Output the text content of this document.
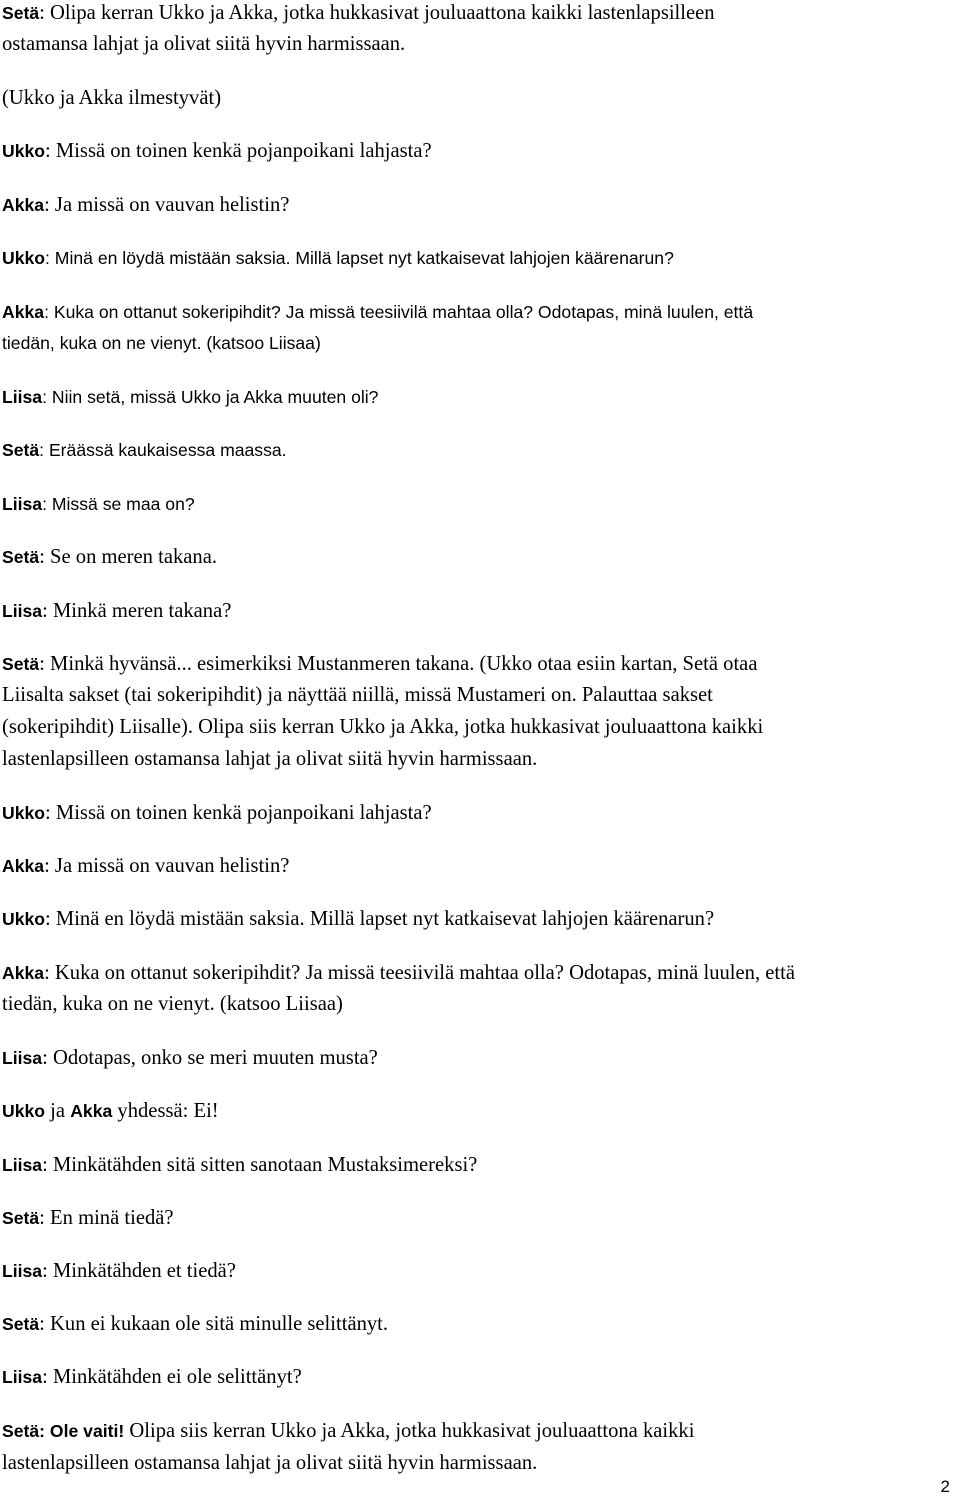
Setä: Olipa kerran Ukko ja Akka, jotka hukkasivat jouluaattona kaikki lastenlapsilleen
ostamansa lahjat ja olivat siitä hyvin harmissaan.
(Ukko ja Akka ilmestyvät)
Ukko: Missä on toinen kenkä pojanpoikani lahjasta?
Akka: Ja missä on vauvan helistin?
Ukko: Minä en löydä mistään saksia. Millä lapset nyt katkaisevat lahjojen käärenarun?
Akka: Kuka on ottanut sokeripihdit? Ja missä teesiivilä mahtaa olla? Odotapas, minä luulen, että
tiedän, kuka on ne vienyt. (katsoo Liisaa)
Liisa: Niin setä, missä Ukko ja Akka muuten oli?
Setä: Eräässä kaukaisessa maassa.
Liisa: Missä se maa on?
Setä: Se on meren takana.
Liisa: Minkä meren takana?
Setä: Minkä hyvänsä... esimerkiksi Mustanmeren takana. (Ukko otaa esiin kartan, Setä otaa
Liisalta sakset (tai sokeripihdit) ja näyttää niillä, missä Mustameri on. Palauttaa sakset
(sokeripihdit) Liisalle). Olipa siis kerran Ukko ja Akka, jotka hukkasivat jouluaattona kaikki
lastenlapsilleen ostamansa lahjat ja olivat siitä hyvin harmissaan.
Ukko: Missä on toinen kenkä pojanpoikani lahjasta?
Akka: Ja missä on vauvan helistin?
Ukko: Minä en löydä mistään saksia. Millä lapset nyt katkaisevat lahjojen käärenarun?
Akka: Kuka on ottanut sokeripihdit? Ja missä teesiivilä mahtaa olla? Odotapas, minä luulen, että
tiedän, kuka on ne vienyt. (katsoo Liisaa)
Liisa: Odotapas, onko se meri muuten musta?
Ukko ja Akka yhdessä: Ei!
Liisa: Minkätähden sitä sitten sanotaan Mustaksimereksi?
Setä: En minä tiedä?
Liisa: Minkätähden et tiedä?
Setä: Kun ei kukaan ole sitä minulle selittänyt.
Liisa: Minkätähden ei ole selittänyt?
Setä: Ole vaiti! Olipa siis kerran Ukko ja Akka, jotka hukkasivat jouluaattona kaikki
lastenlapsilleen ostamansa lahjat ja olivat siitä hyvin harmissaan.
2
